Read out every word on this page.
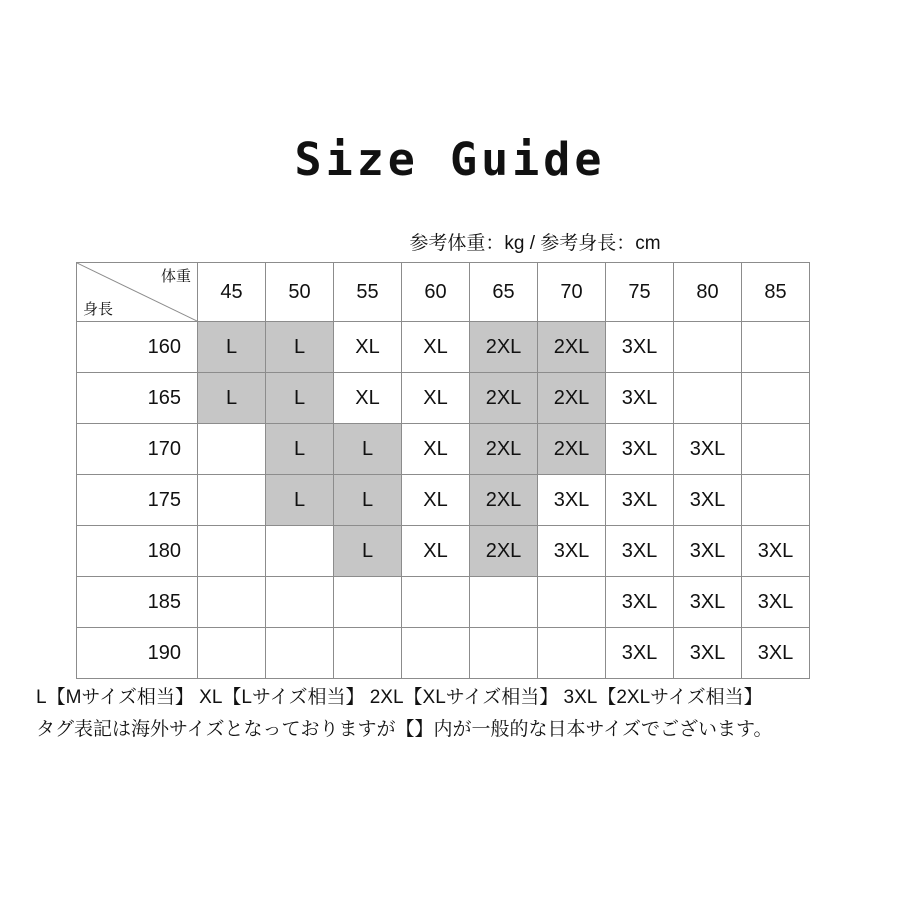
Size Guide
参考体重：kg / 参考身長：cm
体重
身長	45	50	55	60	65	70	75	80	85
160	L	L	XL	XL	2XL	2XL	3XL		
165	L	L	XL	XL	2XL	2XL	3XL		
170		L	L	XL	2XL	2XL	3XL	3XL	
175		L	L	XL	2XL	3XL	3XL	3XL	
180			L	XL	2XL	3XL	3XL	3XL	3XL
185							3XL	3XL	3XL
190							3XL	3XL	3XL
L【Mサイズ相当】 XL【Lサイズ相当】 2XL【XLサイズ相当】 3XL【2XLサイズ相当】
タグ表記は海外サイズとなっておりますが【】内が一般的な日本サイズでございます。
